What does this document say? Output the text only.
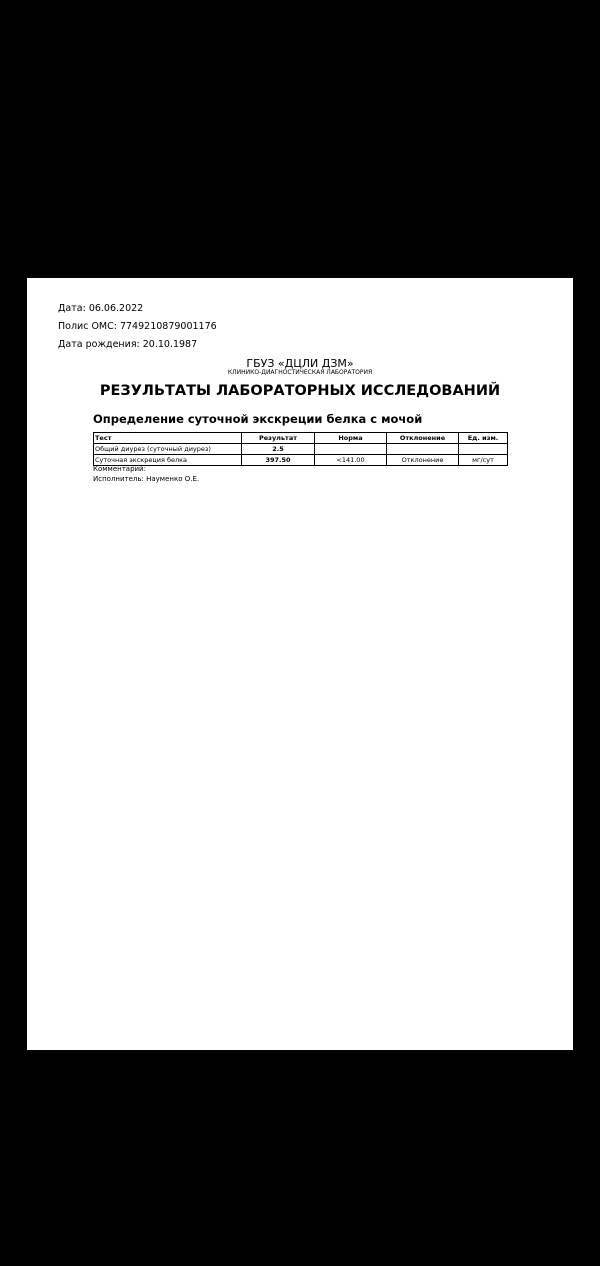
Дата: 06.06.2022
Полис ОМС: 7749210879001176
Дата рождения: 20.10.1987
ГБУЗ «ДЦЛИ ДЗМ»
КЛИНИКО-ДИАГНОСТИЧЕСКАЯ ЛАБОРАТОРИЯ
РЕЗУЛЬТАТЫ ЛАБОРАТОРНЫХ ИССЛЕДОВАНИЙ
Определение суточной экскреции белка с мочой
Тест	Результат	Норма	Отклонение	Ед. изм.
Общий диурез (суточный диурез)	2.5			
Суточная экскреция белка	397.50	<141.00	Отклонение	мг/сут
Комментарий:
Исполнитель: Науменко О.Е.
